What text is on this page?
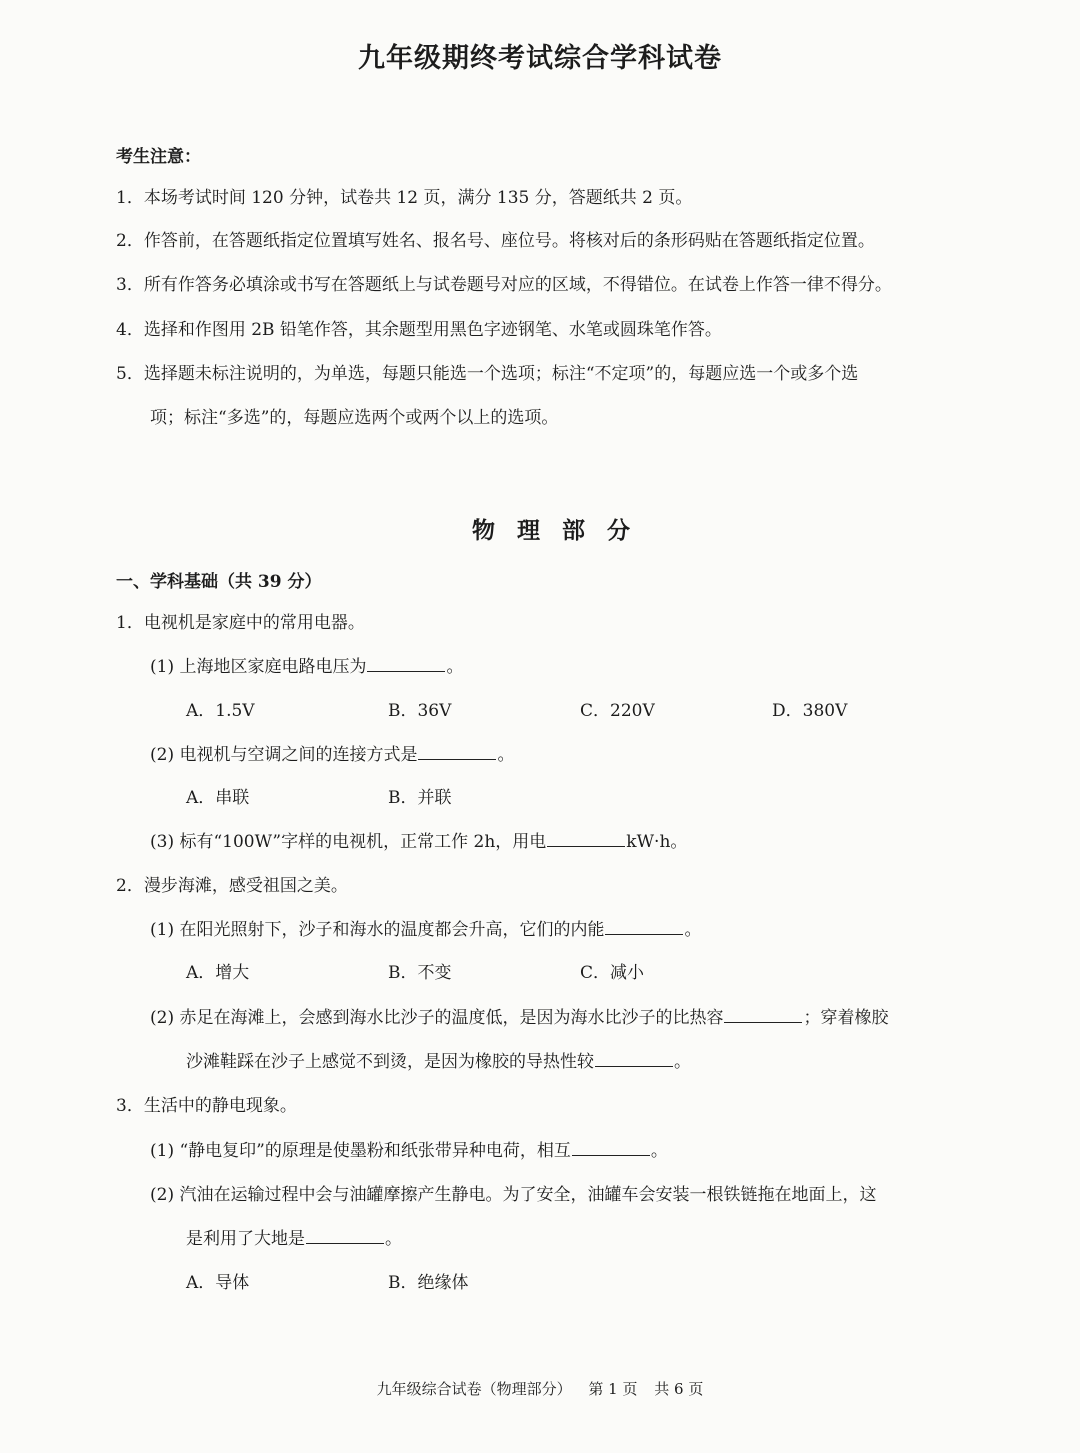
九年级期终考试综合学科试卷
考生注意：
1．本场考试时间 120 分钟，试卷共 12 页，满分 135 分，答题纸共 2 页。
2．作答前，在答题纸指定位置填写姓名、报名号、座位号。将核对后的条形码贴在答题纸指定位置。
3．所有作答务必填涂或书写在答题纸上与试卷题号对应的区域，不得错位。在试卷上作答一律不得分。
4．选择和作图用 2B 铅笔作答，其余题型用黑色字迹钢笔、水笔或圆珠笔作答。
5．选择题未标注说明的，为单选，每题只能选一个选项；标注“不定项”的，每题应选一个或多个选
项；标注“多选”的，每题应选两个或两个以上的选项。
物理部分
一、学科基础（共 39 分）
1．电视机是家庭中的常用电器。
(1) 上海地区家庭电路电压为	。
A．1.5V	B．36V	C．220V	D．380V
(2) 电视机与空调之间的连接方式是	。
A．串联	B．并联
(3) 标有“100W”字样的电视机，正常工作 2h，用电	kW·h。
2．漫步海滩，感受祖国之美。
(1) 在阳光照射下，沙子和海水的温度都会升高，它们的内能	。
A．增大	B．不变	C．减小
(2) 赤足在海滩上，会感到海水比沙子的温度低，是因为海水比沙子的比热容	；穿着橡胶
沙滩鞋踩在沙子上感觉不到烫，是因为橡胶的导热性较	。
3．生活中的静电现象。
(1) “静电复印”的原理是使墨粉和纸张带异种电荷，相互	。
(2) 汽油在运输过程中会与油罐摩擦产生静电。为了安全，油罐车会安装一根铁链拖在地面上，这
是利用了大地是	。
A．导体	B．绝缘体
九年级综合试卷（物理部分） 第 1 页 共 6 页
